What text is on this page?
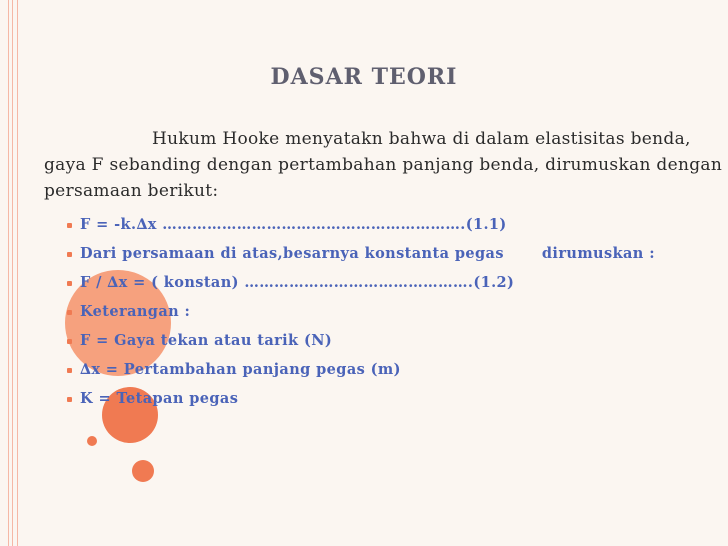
DASAR TEORI
Hukum Hooke menyatakn bahwa di dalam elastisitas benda, gaya F sebanding dengan pertambahan panjang benda, dirumuskan dengan persamaan berikut:
F = -k.∆x …………………………………………………….(1.1)
Dari persamaan di atas,besarnya konstanta pegas	dirumuskan :
F / ∆x = ( konstan) ……………………………………….(1.2)
Keterangan :
F = Gaya tekan atau tarik (N)
∆x = Pertambahan panjang pegas (m)
K = Tetapan pegas
